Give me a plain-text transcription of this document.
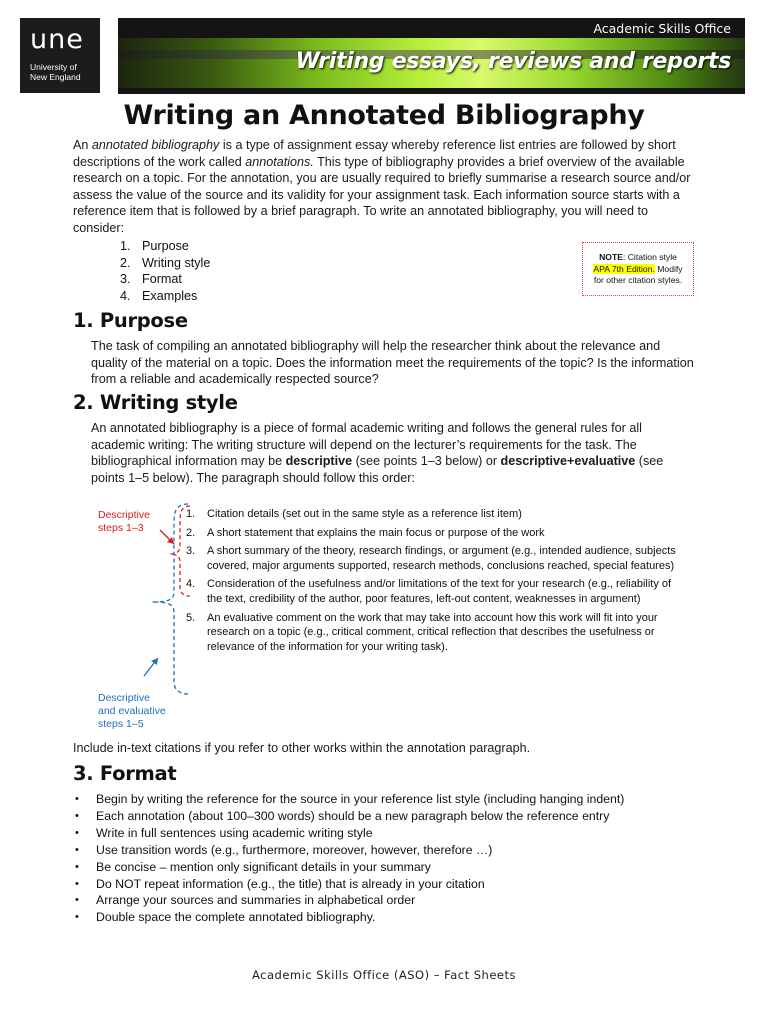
une
University of
New England
Academic Skills Office
Writing essays, reviews and reports
Writing an Annotated Bibliography

An annotated bibliography is a type of assignment essay whereby reference list entries are followed by short descriptions of the work called annotations. This type of bibliography provides a brief overview of the available research on a topic. For the annotation, you are usually required to briefly summarise a research source and/or assess the value of the source and its validity for your assignment task. Each information source starts with a reference item that is followed by a brief paragraph. To write an annotated bibliography, you will need to consider:

1. Purpose
2. Writing style
3. Format
4. Examples
NOTE: Citation style
APA 7th Edition. Modify
for other citation styles.
1. Purpose

The task of compiling an annotated bibliography will help the researcher think about the relevance and quality of the material on a topic. Does the information meet the requirements of the topic? Is the information from a reliable and academically respected source?

2. Writing style

An annotated bibliography is a piece of formal academic writing and follows the general rules for all academic writing: The writing structure will depend on the lecturer’s requirements for the task. The bibliographical information may be descriptive (see points 1–3 below) or descriptive+evaluative (see points 1–5 below). The paragraph should follow this order:

Descriptive
steps 1–3
1. Citation details (set out in the same style as a reference list item)
2. A short statement that explains the main focus or purpose of the work
3. A short summary of the theory, research findings, or argument (e.g., intended audience, subjects covered, major arguments supported, research methods, conclusions reached, special features)
4. Consideration of the usefulness and/or limitations of the text for your research (e.g., reliability of the text, credibility of the author, poor features, left-out content, weaknesses in argument)
5. An evaluative comment on the work that may take into account how this work will fit into your research on a topic (e.g., critical comment, critical reflection that describes the usefulness or relevance of the information for your writing task).
Descriptive
and evaluative
steps 1–5

Include in-text citations if you refer to other works within the annotation paragraph.

3. Format
• Begin by writing the reference for the source in your reference list style (including hanging indent)
• Each annotation (about 100–300 words) should be a new paragraph below the reference entry
• Write in full sentences using academic writing style
• Use transition words (e.g., furthermore, moreover, however, therefore …)
• Be concise – mention only significant details in your summary
• Do NOT repeat information (e.g., the title) that is already in your citation
• Arrange your sources and summaries in alphabetical order
• Double space the complete annotated bibliography.
Academic Skills Office (ASO) – Fact Sheets
